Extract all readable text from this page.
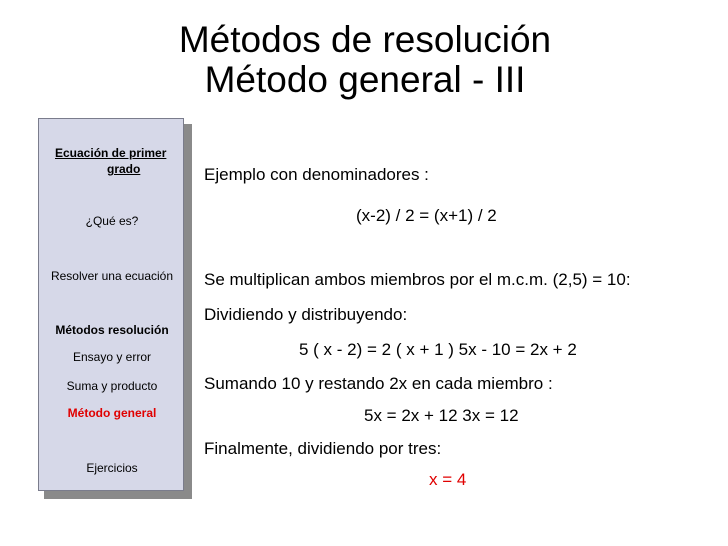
Métodos de resolución
Método general - III
Ecuación de primer
grado
¿Qué es?
Resolver una ecuación
Métodos resolución
Ensayo y error
Suma y producto
Método general
Ejercicios
Ejemplo con denominadores :
(x-2) / 2 = (x+1) / 2
Se multiplican ambos miembros por el m.c.m. (2,5) = 10:
Dividiendo y distribuyendo:
5 ( x - 2) = 2 ( x + 1 ) 5x - 10 = 2x + 2
Sumando 10 y restando 2x en cada miembro :
5x = 2x + 12 3x = 12
Finalmente, dividiendo por tres:
x = 4
